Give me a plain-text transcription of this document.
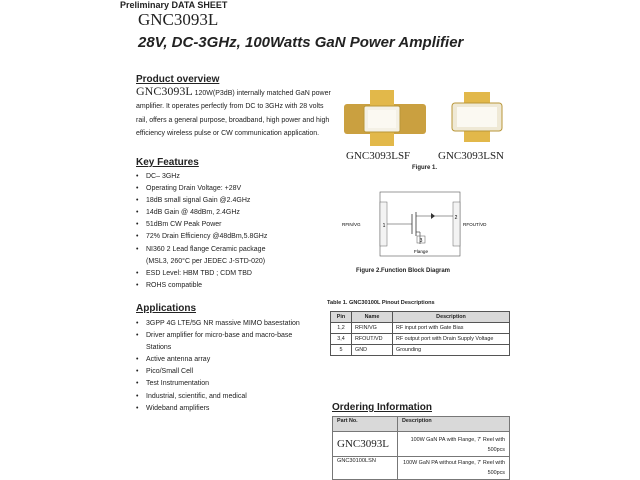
Preliminary DATA SHEET
GNC3093L
28V, DC-3GHz, 100Watts GaN Power Amplifier
Product overview
GNC3093L 120W(P3dB) internally matched GaN power amplifier. It operates perfectly from DC to 3GHz with 28 volts rail, offers a general purpose, broadband, high power and high efficiency wireless pulse or CW communication application.
Key Features
• DC– 3GHz
• Operating Drain Voltage: +28V
• 18dB small signal Gain @2.4GHz
• 14dB Gain @ 48dBm, 2.4GHz
• 51dBm CW Peak Power
• 72% Drain Efficiency @48dBm,5.8GHz
• NI360 2 Lead flange Ceramic package
(MSL3, 260°C per JEDEC J-STD-020)
• ESD Level: HBM TBD ; CDM TBD
• ROHS compatible
Applications
• 3GPP 4G LTE/5G NR massive MIMO basestation
• Driver amplifier for micro-base and macro-base
Stations
• Active antenna array
• Pico/Small Cell
• Test Instrumentation
• Industrial, scientific, and medical
• Wideband amplifiers
GNC3093LSF	GNC3093LSN
Figure 1.
1
2
3
RFIN/VG	RFOUT/VD
Flange
Figure 2.Function Block Diagram
Table 1. GNC30100L Pinout Descriptions
Pin	Name	Description
1,2	RFIN/VG	RF input port with Gate Bias
3,4	RFOUT/VD	RF output port with Drain Supply Voltage
5	GND	Grounding
Ordering Information
Part No.	Description
GNC3093L	100W GaN PA with Flange, 7' Reel with 500pcs
GNC30100LSN	100W GaN PA without Flange, 7' Reel with 500pcs
